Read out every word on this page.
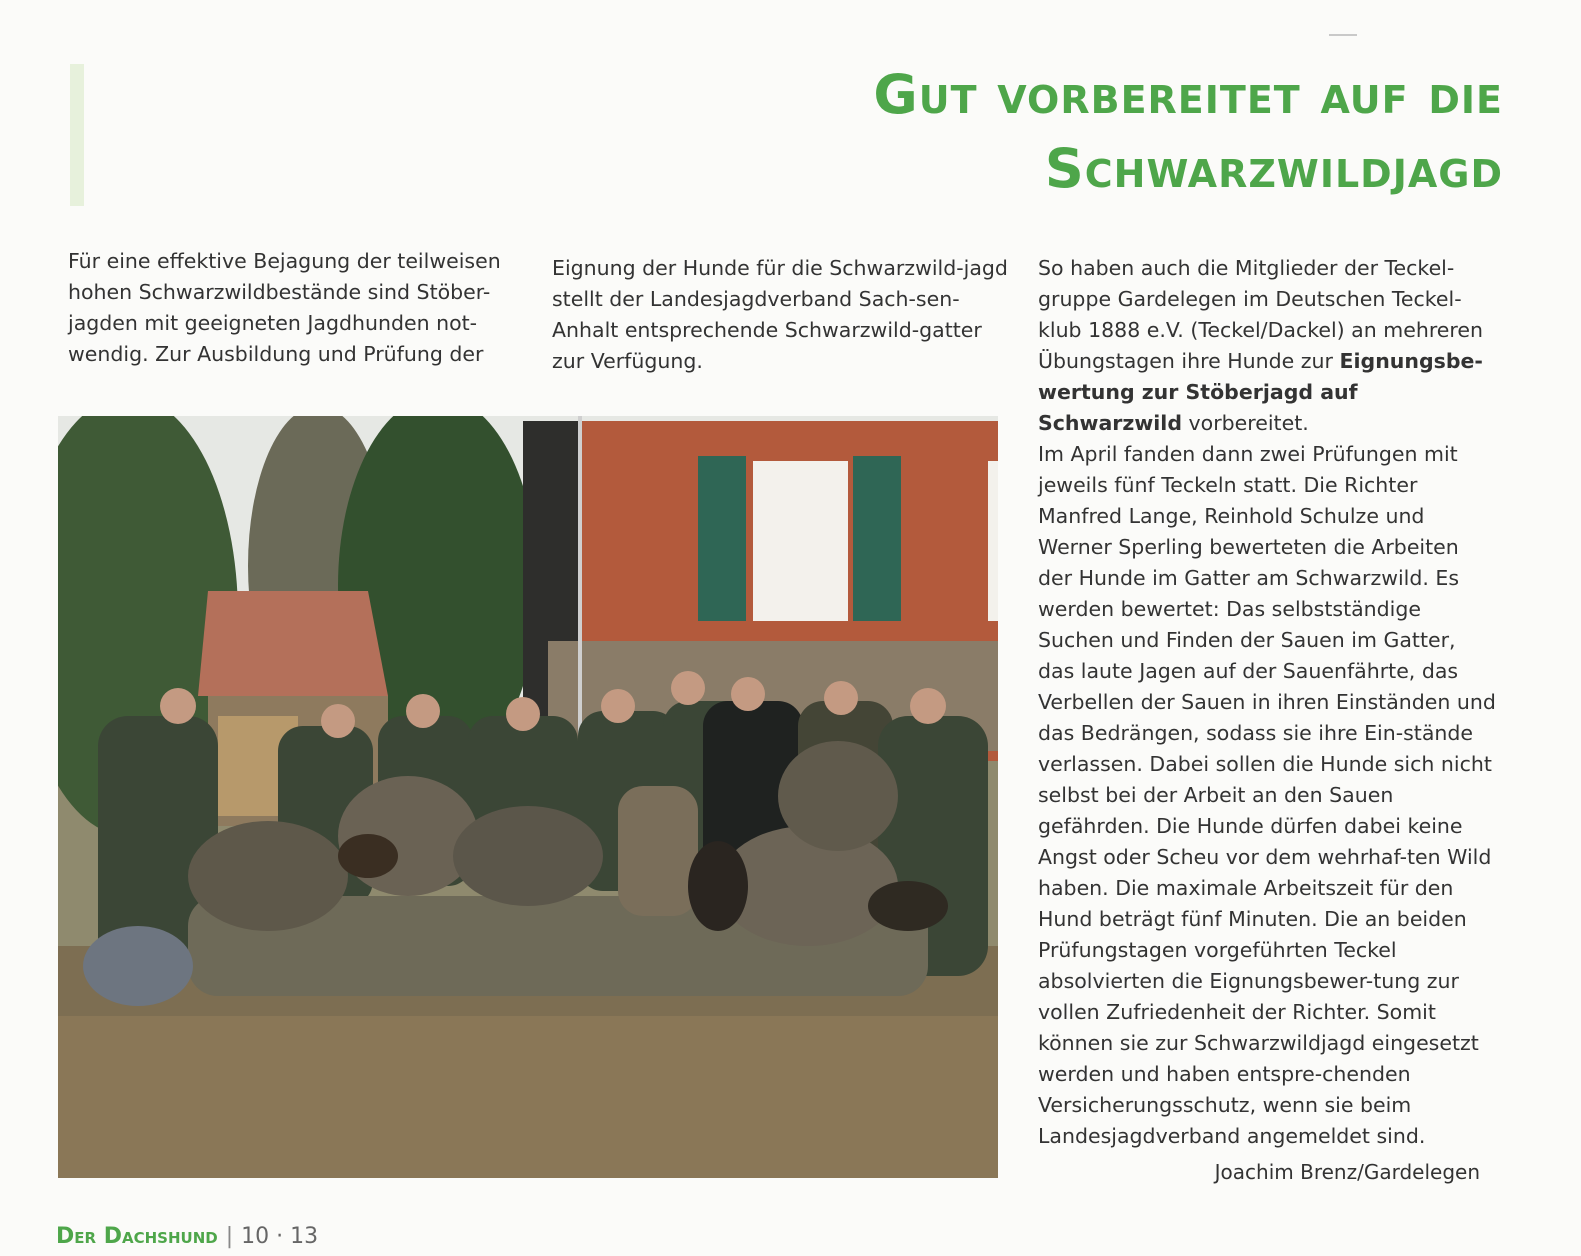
Gut vorbereitet auf die
Schwarzwildjagd

Für eine effektive Bejagung der teilweisen hohen Schwarzwildbestände sind Stöber-jagden mit geeigneten Jagdhunden not-wendig. Zur Ausbildung und Prüfung der

Eignung der Hunde für die Schwarzwild-jagd stellt der Landesjagdverband Sach-sen-Anhalt entsprechende Schwarzwild-gatter zur Verfügung.

So haben auch die Mitglieder der Teckel-gruppe Gardelegen im Deutschen Teckel-klub 1888 e.V. (Teckel/Dackel) an mehreren Übungstagen ihre Hunde zur Eignungsbe-wertung zur Stöberjagd auf Schwarzwild vorbereitet.

Im April fanden dann zwei Prüfungen mit jeweils fünf Teckeln statt. Die Richter Manfred Lange, Reinhold Schulze und Werner Sperling bewerteten die Arbeiten der Hunde im Gatter am Schwarzwild. Es werden bewertet: Das selbstständige Suchen und Finden der Sauen im Gatter, das laute Jagen auf der Sauenfährte, das Verbellen der Sauen in ihren Einständen und das Bedrängen, sodass sie ihre Ein-stände verlassen. Dabei sollen die Hunde sich nicht selbst bei der Arbeit an den Sauen gefährden. Die Hunde dürfen dabei keine Angst oder Scheu vor dem wehrhaf-ten Wild haben. Die maximale Arbeitszeit für den Hund beträgt fünf Minuten. Die an beiden Prüfungstagen vorgeführten Teckel absolvierten die Eignungsbewer-tung zur vollen Zufriedenheit der Richter. Somit können sie zur Schwarzwildjagd eingesetzt werden und haben entspre-chenden Versicherungsschutz, wenn sie beim Landesjagdverband angemeldet sind.

Joachim Brenz/Gardelegen
Der Dachshund | 10 · 13
